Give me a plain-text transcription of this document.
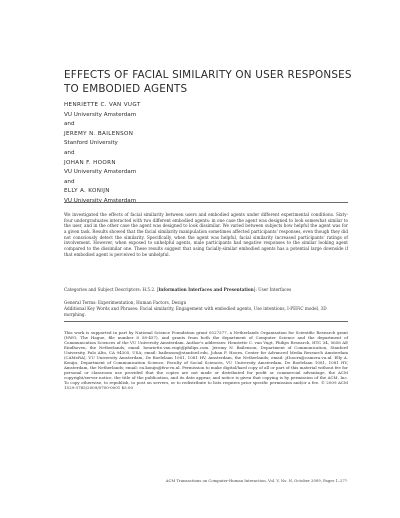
EFFECTS OF FACIAL SIMILARITY ON USER RESPONSES TO EMBODIED AGENTS
HENRIETTE C. VAN VUGT
VU University Amsterdam
and
JEREMY N. BAILENSON
Stanford University
and
JOHAN F. HOORN
VU University Amsterdam
and
ELLY A. KONIJN
VU University Amsterdam

We investigated the effects of facial similarity between users and embodied agents under different experimental conditions. Sixty-four undergraduates interacted with two different embodied agents: in one case the agent was designed to look somewhat similar to the user, and in the other case the agent was designed to look dissimilar. We varied between subjects how helpful the agent was for a given task. Results showed that the facial similarity manipulation sometimes affected participants' responses, even though they did not consciously detect the similarity. Specifically, when the agent was helpful, facial similarity increased participants' ratings of involvement. However, when exposed to unhelpful agents, male participants had negative responses to the similar looking agent compared to the dissimilar one. These results suggest that using facially-similar embodied agents has a potential large downside if that embodied agent is perceived to be unhelpful.

Categories and Subject Descriptors: H.5.2. [Information Interfaces and Presentation]: User Interfaces

General Terms: Experimentation, Human Factors, Design

Additional Key Words and Phrases: Facial similarity, Engagement with embodied agents, Use intentions, I-PEFiC model, 3D morphing.

This work is supported in part by National Science Foundation grant 0527377, a Netherlands Organization for Scientific Research grant (NWO, The Hague, file number 8 58-457), and grants from both the department of Computer Science and the department of Communication Sciences of the VU University Amsterdam. Author's addresses: Henriette C. van Vugt, Philips Research, HTC 34, 5656 AE Eindhoven, the Netherlands; email: henriette.van.vugt@philips.com. Jeremy N. Bailenson, Department of Communication, Stanford University, Palo Alto, CA 94305, USA; email: bailenson@stanford.edu. Johan F. Hoorn, Center for Advanced Media Research Amsterdam (CAMeRA), VU University Amsterdam, De Boelelaan 1081, 1081 HV, Amsterdam, the Netherlands; email: jf.hoorn@camera.vu.nl. Elly A. Konijn, Department of Communication Science, Faculty of Social Sciences, VU University Amsterdam, De Boelelaan 1081, 1081 HV, Amsterdam, the Netherlands; email: ea.konijn@fsw.vu.nl. Permission to make digital/hard copy of all or part of this material without fee for personal or classroom use provided that the copies are not made or distributed for profit or commercial advantage, the ACM copyright/server notice, the title of the publication, and its date appear, and notice is given that copying is by permission of the ACM, Inc. To copy otherwise, to republish, to post on servers, or to redistribute to lists requires prior specific permission and/or a fee. © 2009 ACM 1529-3785/2009/0700-0001 $5.00

ACM Transactions on Computer-Human Interaction, Vol. V, No. N, October 2009, Pages 1–27?.
